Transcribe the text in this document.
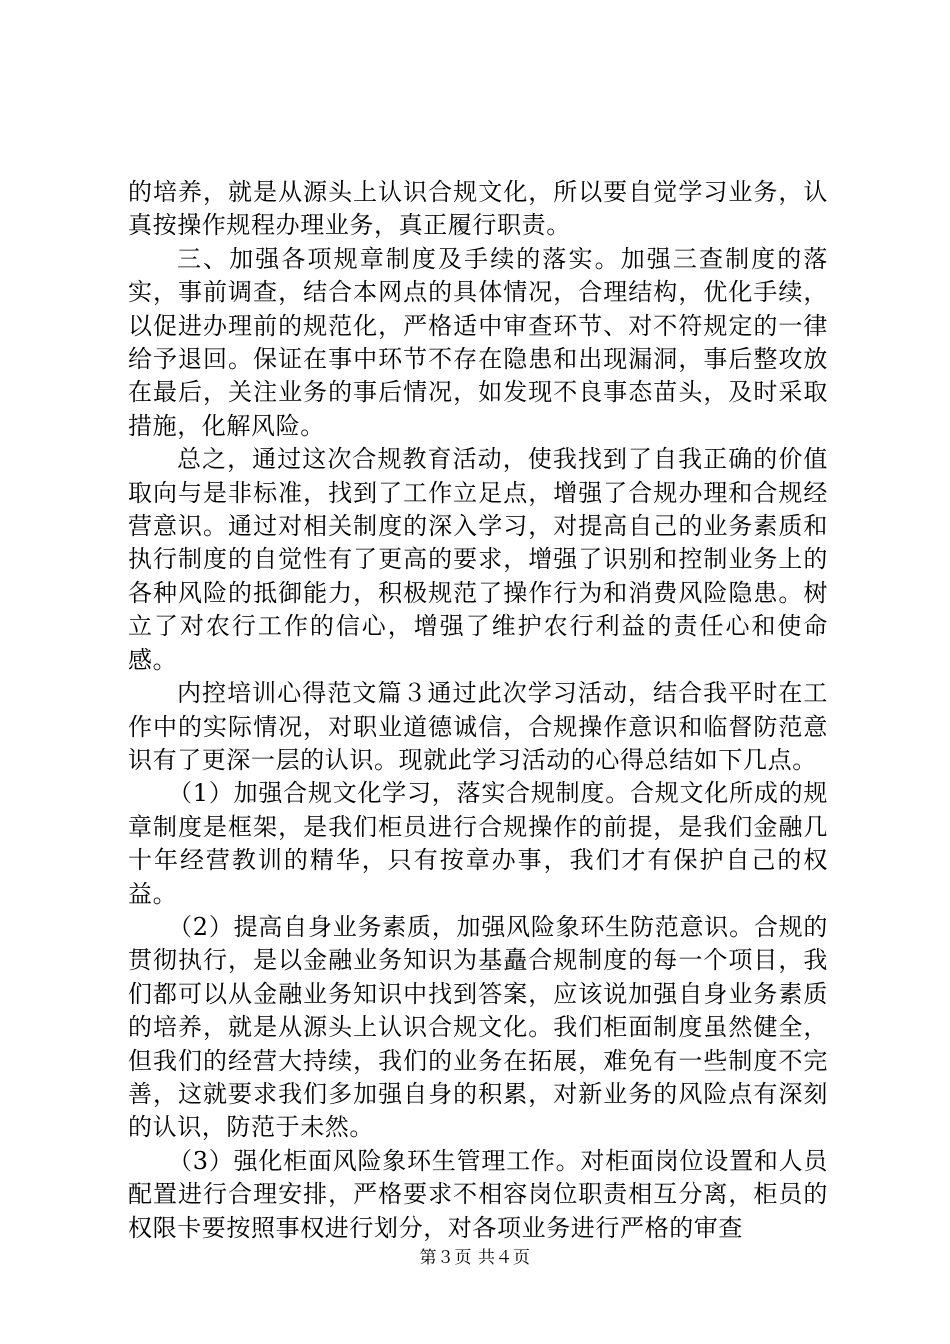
的培养，就是从源头上认识合规文化，所以要自觉学习业务，认真按操作规程办理业务，真正履行职责。

三、加强各项规章制度及手续的落实。加强三查制度的落实，事前调查，结合本网点的具体情况，合理结构，优化手续，以促进办理前的规范化，严格适中审查环节、对不符规定的一律给予退回。保证在事中环节不存在隐患和出现漏洞，事后整攻放在最后，关注业务的事后情况，如发现不良事态苗头，及时采取措施，化解风险。

总之，通过这次合规教育活动，使我找到了自我正确的价值取向与是非标准，找到了工作立足点，增强了合规办理和合规经营意识。通过对相关制度的深入学习，对提高自己的业务素质和执行制度的自觉性有了更高的要求，增强了识别和控制业务上的各种风险的抵御能力，积极规范了操作行为和消费风险隐患。树立了对农行工作的信心，增强了维护农行利益的责任心和使命感。

内控培训心得范文篇３通过此次学习活动，结合我平时在工作中的实际情况，对职业道德诚信，合规操作意识和临督防范意识有了更深一层的认识。现就此学习活动的心得总结如下几点。

（1）加强合规文化学习，落实合规制度。合规文化所成的规章制度是框架，是我们柜员进行合规操作的前提，是我们金融几十年经营教训的精华，只有按章办事，我们才有保护自己的权益。

（2）提高自身业务素质，加强风险象环生防范意识。合规的贯彻执行，是以金融业务知识为基矗合规制度的每一个项目，我们都可以从金融业务知识中找到答案，应该说加强自身业务素质的培养，就是从源头上认识合规文化。我们柜面制度虽然健全，但我们的经营大持续，我们的业务在拓展，难免有一些制度不完善，这就要求我们多加强自身的积累，对新业务的风险点有深刻的认识，防范于未然。

（3）强化柜面风险象环生管理工作。对柜面岗位设置和人员配置进行合理安排，严格要求不相容岗位职责相互分离，柜员的权限卡要按照事权进行划分，对各项业务进行严格的审查

第３页 共４页
